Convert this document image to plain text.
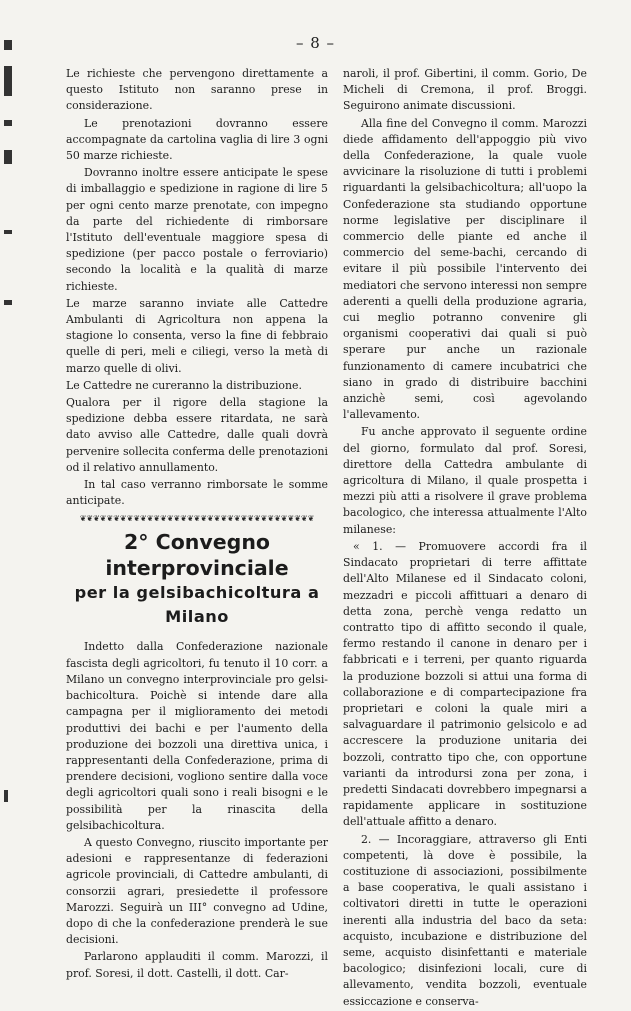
– 8 –

Le richieste che pervengono direttamente a questo Istituto non saranno prese in considerazione.

Le prenotazioni dovranno essere accompagnate da cartolina vaglia di lire 3 ogni 50 marze richieste.

Dovranno inoltre essere anticipate le spese di imballaggio e spedizione in ragione di lire 5 per ogni cento marze prenotate, con impegno da parte del richiedente di rimborsare l'Istituto dell'eventuale maggiore spesa di spedizione (per pacco postale o ferroviario) secondo la località e la qualità di marze richieste.

Le marze saranno inviate alle Cattedre Ambulanti di Agricoltura non appena la stagione lo consenta, verso la fine di febbraio quelle di peri, meli e ciliegi, verso la metà di marzo quelle di olivi.

Le Cattedre ne cureranno la distribuzione.

Qualora per il rigore della stagione la spedizione debba essere ritardata, ne sarà dato avviso alle Cattedre, dalle quali dovrà pervenire sollecita conferma delle prenotazioni od il relativo annullamento.

In tal caso verranno rimborsate le somme anticipate.

❦❦❦❦❦❦❦❦❦❦❦❦❦❦❦❦❦❦❦❦❦❦❦❦❦❦❦❦❦❦❦❦❦❦❦
2° Convegno interprovinciale
per la gelsibachicoltura a Milano

Indetto dalla Confederazione nazionale fascista degli agricoltori, fu tenuto il 10 corr. a Milano un convegno interprovinciale pro gelsi-bachicoltura. Poichè si intende dare alla campagna per il miglioramento dei metodi produttivi dei bachi e per l'aumento della produzione dei bozzoli una direttiva unica, i rappresentanti della Confederazione, prima di prendere decisioni, vogliono sentire dalla voce degli agricoltori quali sono i reali bisogni e le possibilità per la rinascita della gelsibachicoltura.

A questo Convegno, riuscito importante per adesioni e rappresentanze di federazioni agricole provinciali, di Cattedre ambulanti, di consorzii agrari, presiedette il professore Marozzi. Seguirà un III° convegno ad Udine, dopo di che la confederazione prenderà le sue decisioni.

Parlarono applauditi il comm. Marozzi, il prof. Soresi, il dott. Castelli, il dott. Car-

naroli, il prof. Gibertini, il comm. Gorio, De Micheli di Cremona, il prof. Broggi. Seguirono animate discussioni.

Alla fine del Convegno il comm. Marozzi diede affidamento dell'appoggio più vivo della Confederazione, la quale vuole avvicinare la risoluzione di tutti i problemi riguardanti la gelsibachicoltura; all'uopo la Confederazione sta studiando opportune norme legislative per disciplinare il commercio delle piante ed anche il commercio del seme-bachi, cercando di evitare il più possibile l'intervento dei mediatori che servono interessi non sempre aderenti a quelli della produzione agraria, cui meglio potranno convenire gli organismi cooperativi dai quali si può sperare pur anche un razionale funzionamento di camere incubatrici che siano in grado di distribuire bacchini anzichè semi, così agevolando l'allevamento.

Fu anche approvato il seguente ordine del giorno, formulato dal prof. Soresi, direttore della Cattedra ambulante di agricoltura di Milano, il quale prospetta i mezzi più atti a risolvere il grave problema bacologico, che interessa attualmente l'Alto milanese:

« 1. — Promuovere accordi fra il Sindacato proprietari di terre affittate dell'Alto Milanese ed il Sindacato coloni, mezzadri e piccoli affittuari a denaro di detta zona, perchè venga redatto un contratto tipo di affitto secondo il quale, fermo restando il canone in denaro per i fabbricati e i terreni, per quanto riguarda la produzione bozzoli si attui una forma di collaborazione e di compartecipazione fra proprietari e coloni la quale miri a salvaguardare il patrimonio gelsicolo e ad accrescere la produzione unitaria dei bozzoli, contratto tipo che, con opportune varianti da introdursi zona per zona, i predetti Sindacati dovrebbero impegnarsi a rapidamente applicare in sostituzione dell'attuale affitto a denaro.

2. — Incoraggiare, attraverso gli Enti competenti, là dove è possibile, la costituzione di associazioni, possibilmente a base cooperativa, le quali assistano i coltivatori diretti in tutte le operazioni inerenti alla industria del baco da seta: acquisto, incubazione e distribuzione del seme, acquisto disinfettanti e materiale bacologico; disinfezioni locali, cure di allevamento, vendita bozzoli, eventuale essiccazione e conserva-
